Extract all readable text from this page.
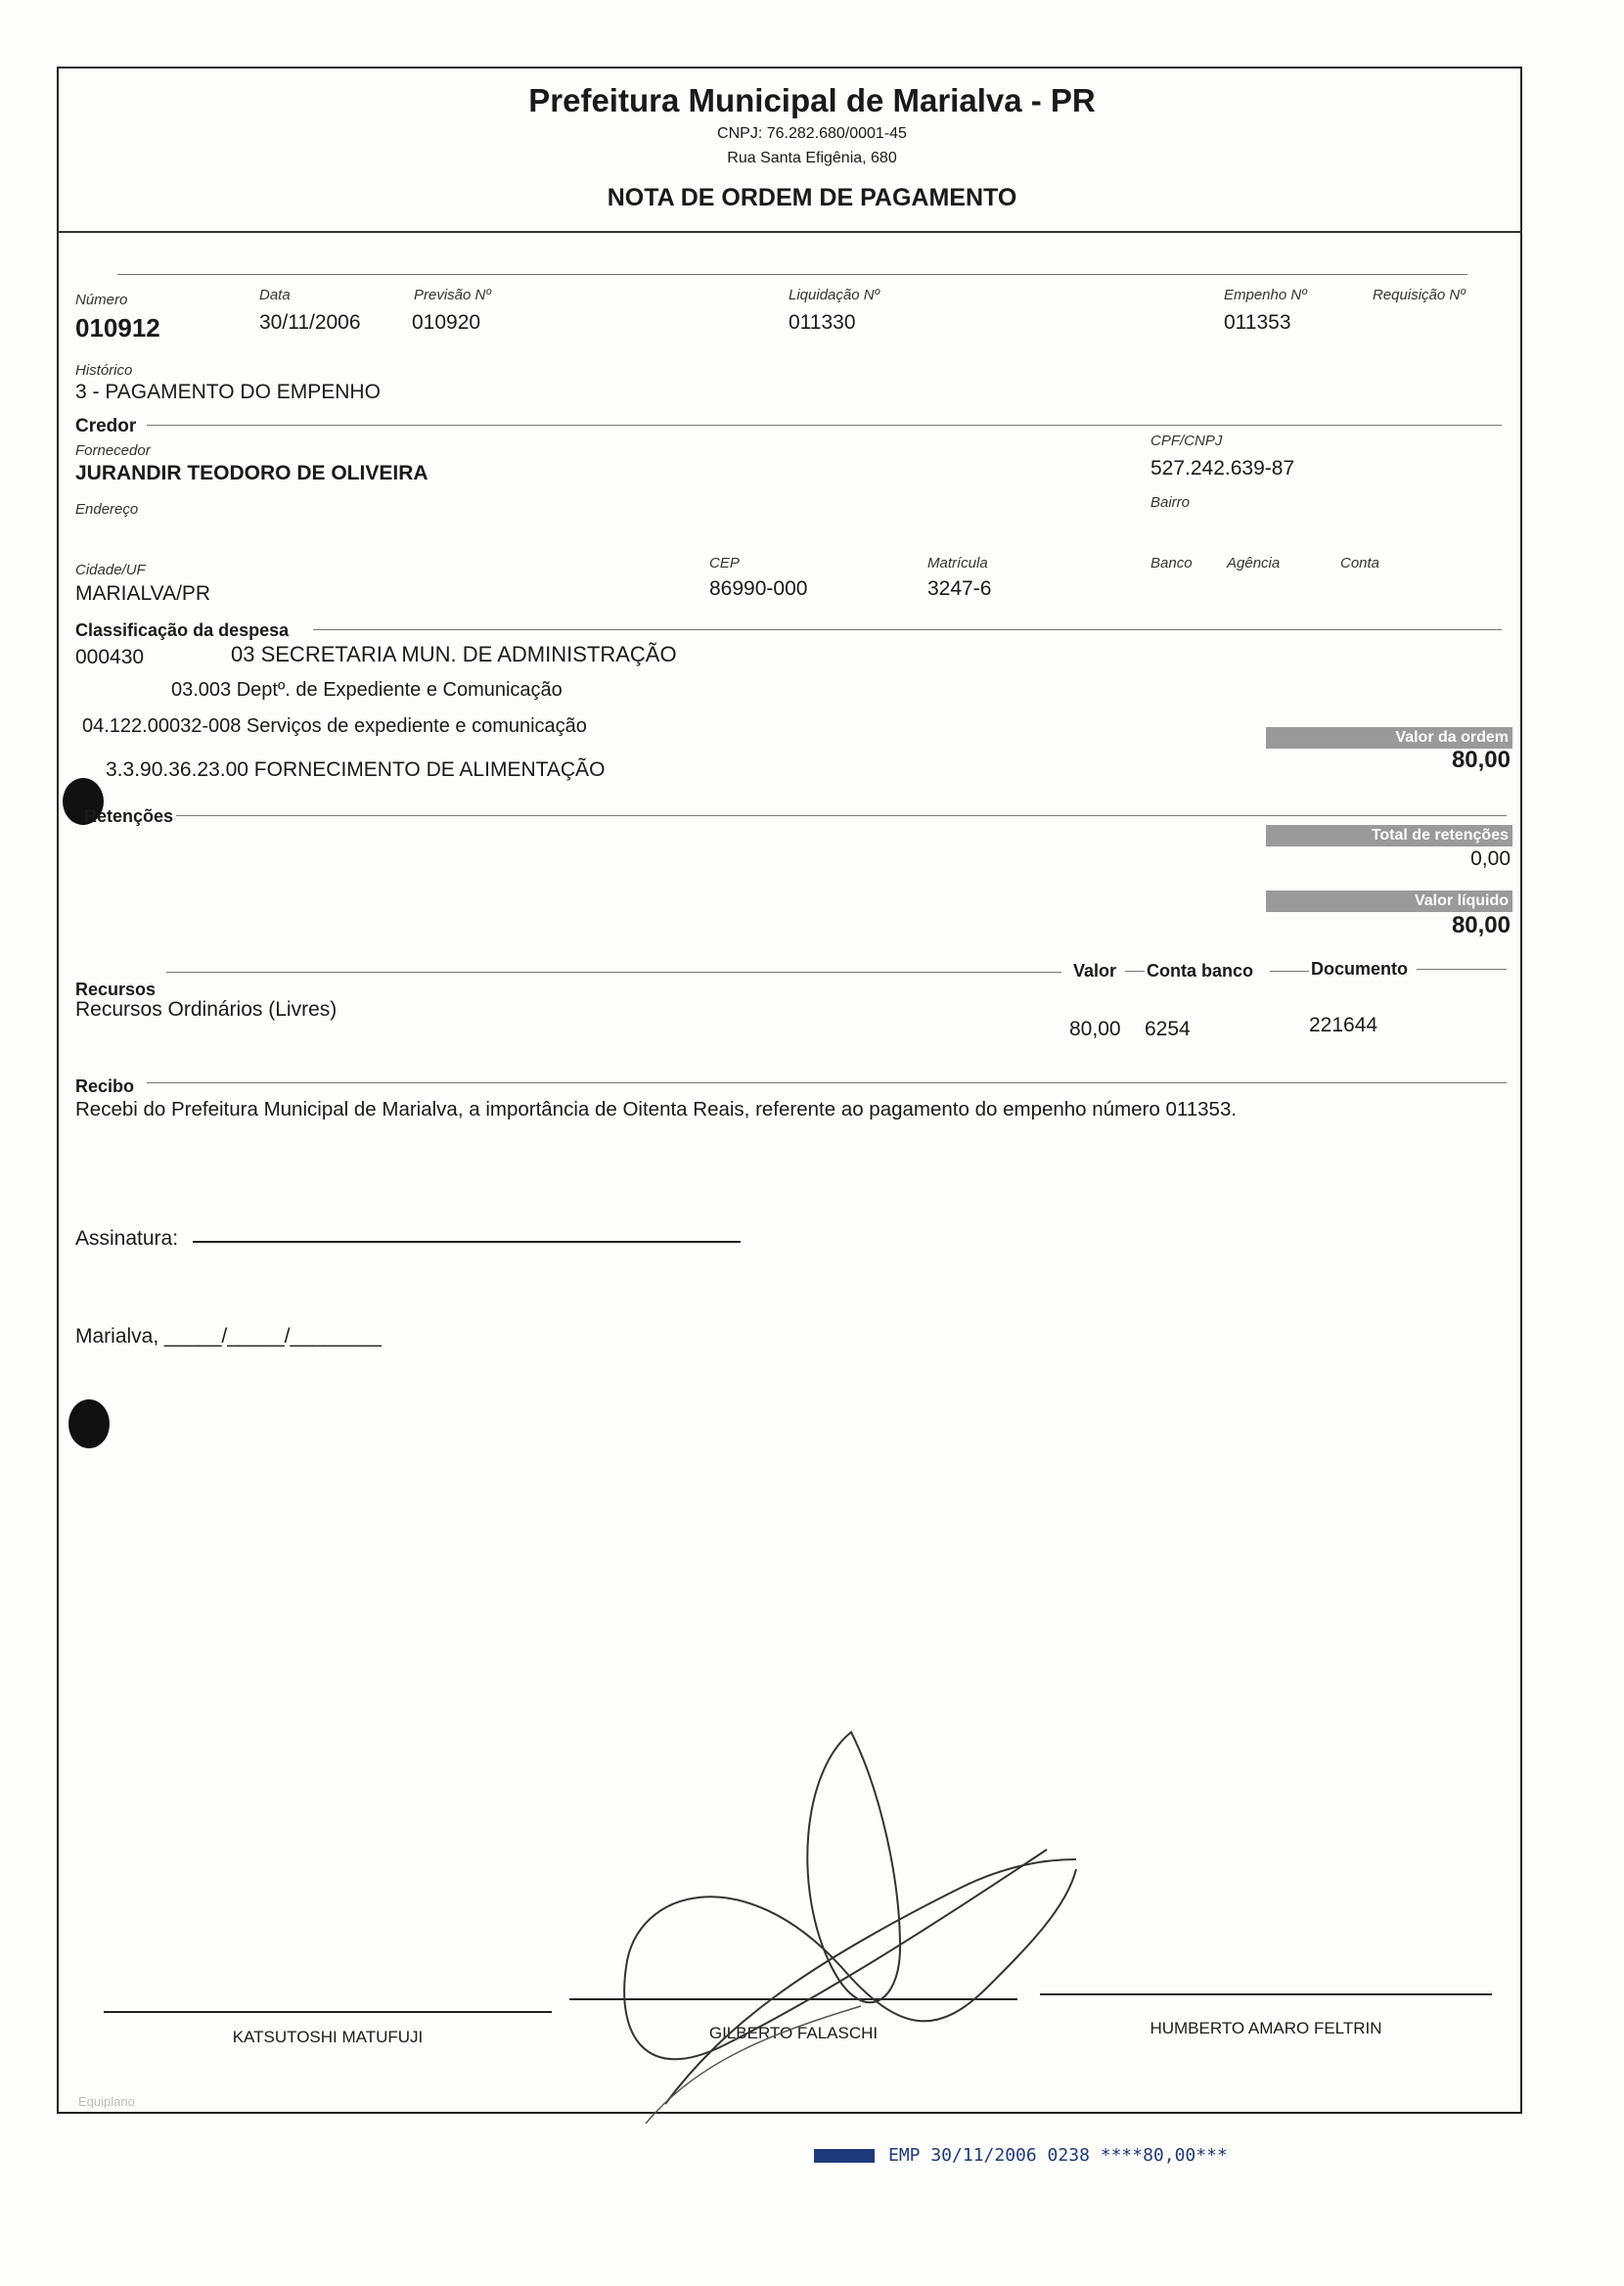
Prefeitura Municipal de Marialva - PR
CNPJ: 76.282.680/0001-45
Rua Santa Efigênia, 680
NOTA DE ORDEM DE PAGAMENTO
Número
010912
Data
30/11/2006
Previsão Nº
010920
Liquidação Nº
011330
Empenho Nº
011353
Requisição Nº
Histórico
3 - PAGAMENTO DO EMPENHO
Credor
Fornecedor
JURANDIR TEODORO DE OLIVEIRA
CPF/CNPJ
527.242.639-87
Endereço	Bairro
Cidade/UF
MARIALVA/PR
CEP
86990-000
Matrícula
3247-6
Banco Agência	Conta
Classificação da despesa
000430	03 SECRETARIA MUN. DE ADMINISTRAÇÃO
03.003 Deptº. de Expediente e Comunicação
04.122.00032-008 Serviços de expediente e comunicação
3.3.90.36.23.00 FORNECIMENTO DE ALIMENTAÇÃO
Valor da ordem
80,00
Retenções
Total de retenções
0,00
Valor líquido
80,00
Recursos
Valor Conta banco	Documento
Recursos Ordinários (Livres)
80,00 6254	221644
Recibo
Recebi do Prefeitura Municipal de Marialva, a importância de Oitenta Reais, referente ao pagamento do empenho número 011353.
Assinatura:
Marialva, _____/_____/________
KATSUTOSHI MATUFUJI	GILBERTO FALASCHI	HUMBERTO AMARO FELTRIN
Equiplano
EMP 30/11/2006 0238 ****80,00***
